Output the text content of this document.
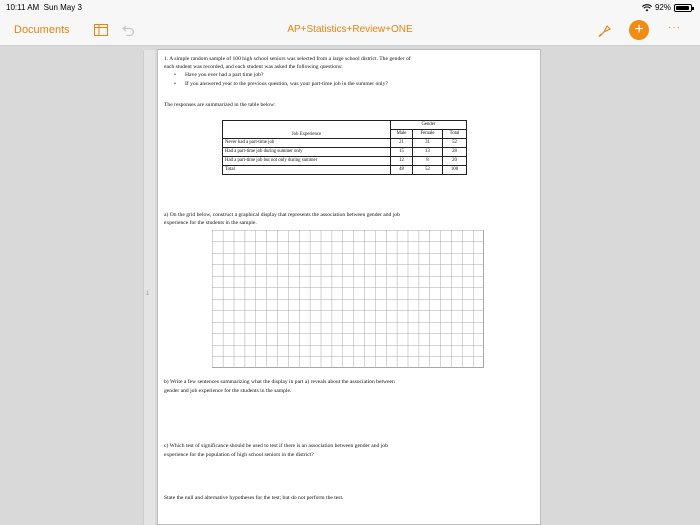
10:11 AM Sun May 3	92%
Documents	AP+Statistics+Review+ONE	+	···
1
1. A simple random sample of 100 high school seniors was selected from a large school district. The gender of
each student was recorded, and each student was asked the following questions:
• Have you ever had a part time job?
• If you answered year to the previous question, was your part-time job in the summer only?
The responses are summarized in the table below:
Job Experience	Gender		
	Male	Female	Total
Never had a part-time job	21	31	52
Had a part-time job during summer only	15	13	28
Had a part-time job but not only during summer	12	8	20
Total	48	52	100
a) On the grid below, construct a graphical display that represents the association between gender and job
experience for the students in the sample.
b) Write a few sentences summarizing what the display in part a) reveals about the association between
gender and job experience for the students in the sample.
c) Which test of significance should be used to test if there is an association between gender and job
experience for the population of high school seniors in the district?
State the null and alternative hypotheses for the test; but do not perform the test.
